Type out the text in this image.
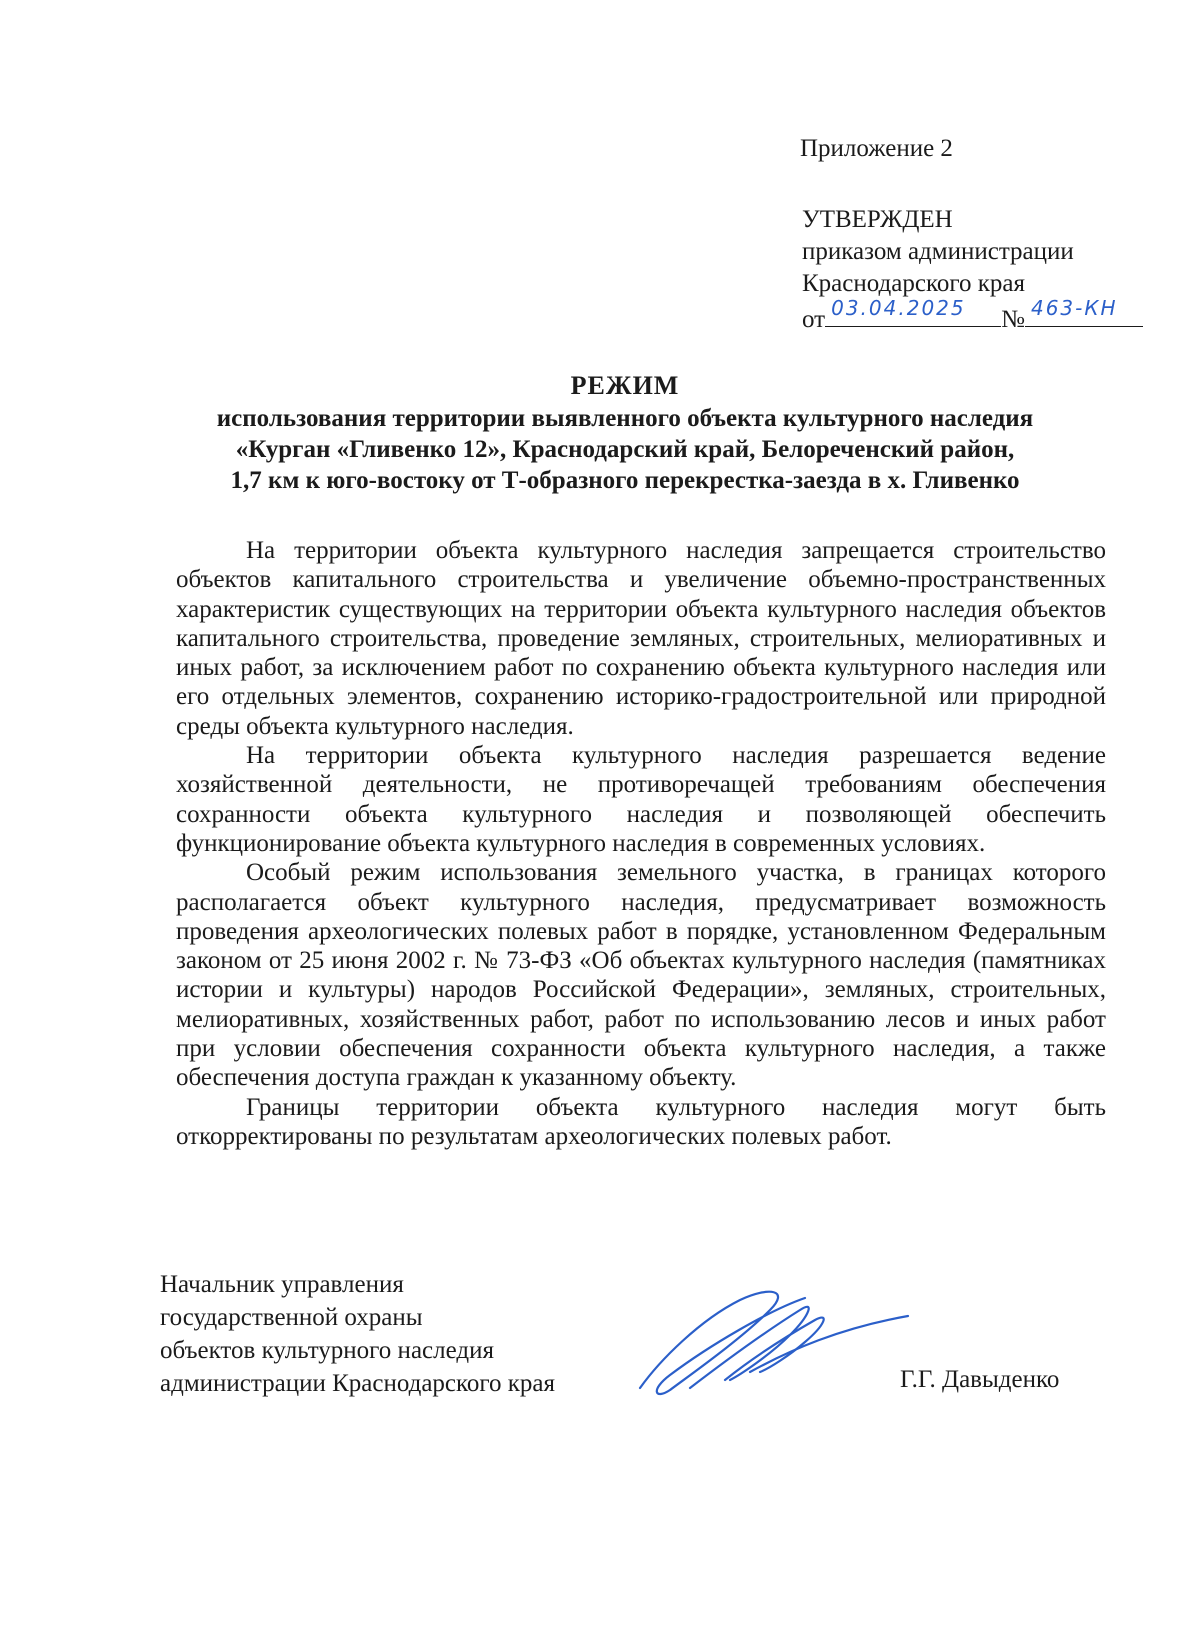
Приложение 2
УТВЕРЖДЕН
приказом администрации
Краснодарского края
от 03.04.2025 № 463-КН
РЕЖИМ
использования территории выявленного объекта культурного наследия
«Курган «Гливенко 12», Краснодарский край, Белореченский район,
1,7 км к юго-востоку от Т-образного перекрестка-заезда в х. Гливенко

На территории объекта культурного наследия запрещается строительство объектов капитального строительства и увеличение объемно-пространственных характеристик существующих на территории объекта культурного наследия объектов капитального строительства, проведение земляных, строительных, мелиоративных и иных работ, за исключением работ по сохранению объекта культурного наследия или его отдельных элементов, сохранению историко-градостроительной или природной среды объекта культурного наследия.

На территории объекта культурного наследия разрешается ведение хозяйственной деятельности, не противоречащей требованиям обеспечения сохранности объекта культурного наследия и позволяющей обеспечить функционирование объекта культурного наследия в современных условиях.

Особый режим использования земельного участка, в границах которого располагается объект культурного наследия, предусматривает возможность проведения археологических полевых работ в порядке, установленном Федеральным законом от 25 июня 2002 г. № 73-ФЗ «Об объектах культурного наследия (памятниках истории и культуры) народов Российской Федерации», земляных, строительных, мелиоративных, хозяйственных работ, работ по использованию лесов и иных работ при условии обеспечения сохранности объекта культурного наследия, а также обеспечения доступа граждан к указанному объекту.

Границы территории объекта культурного наследия могут быть откорректированы по результатам археологических полевых работ.

Начальник управления
государственной охраны
объектов культурного наследия
администрации Краснодарского края	Г.Г. Давыденко
